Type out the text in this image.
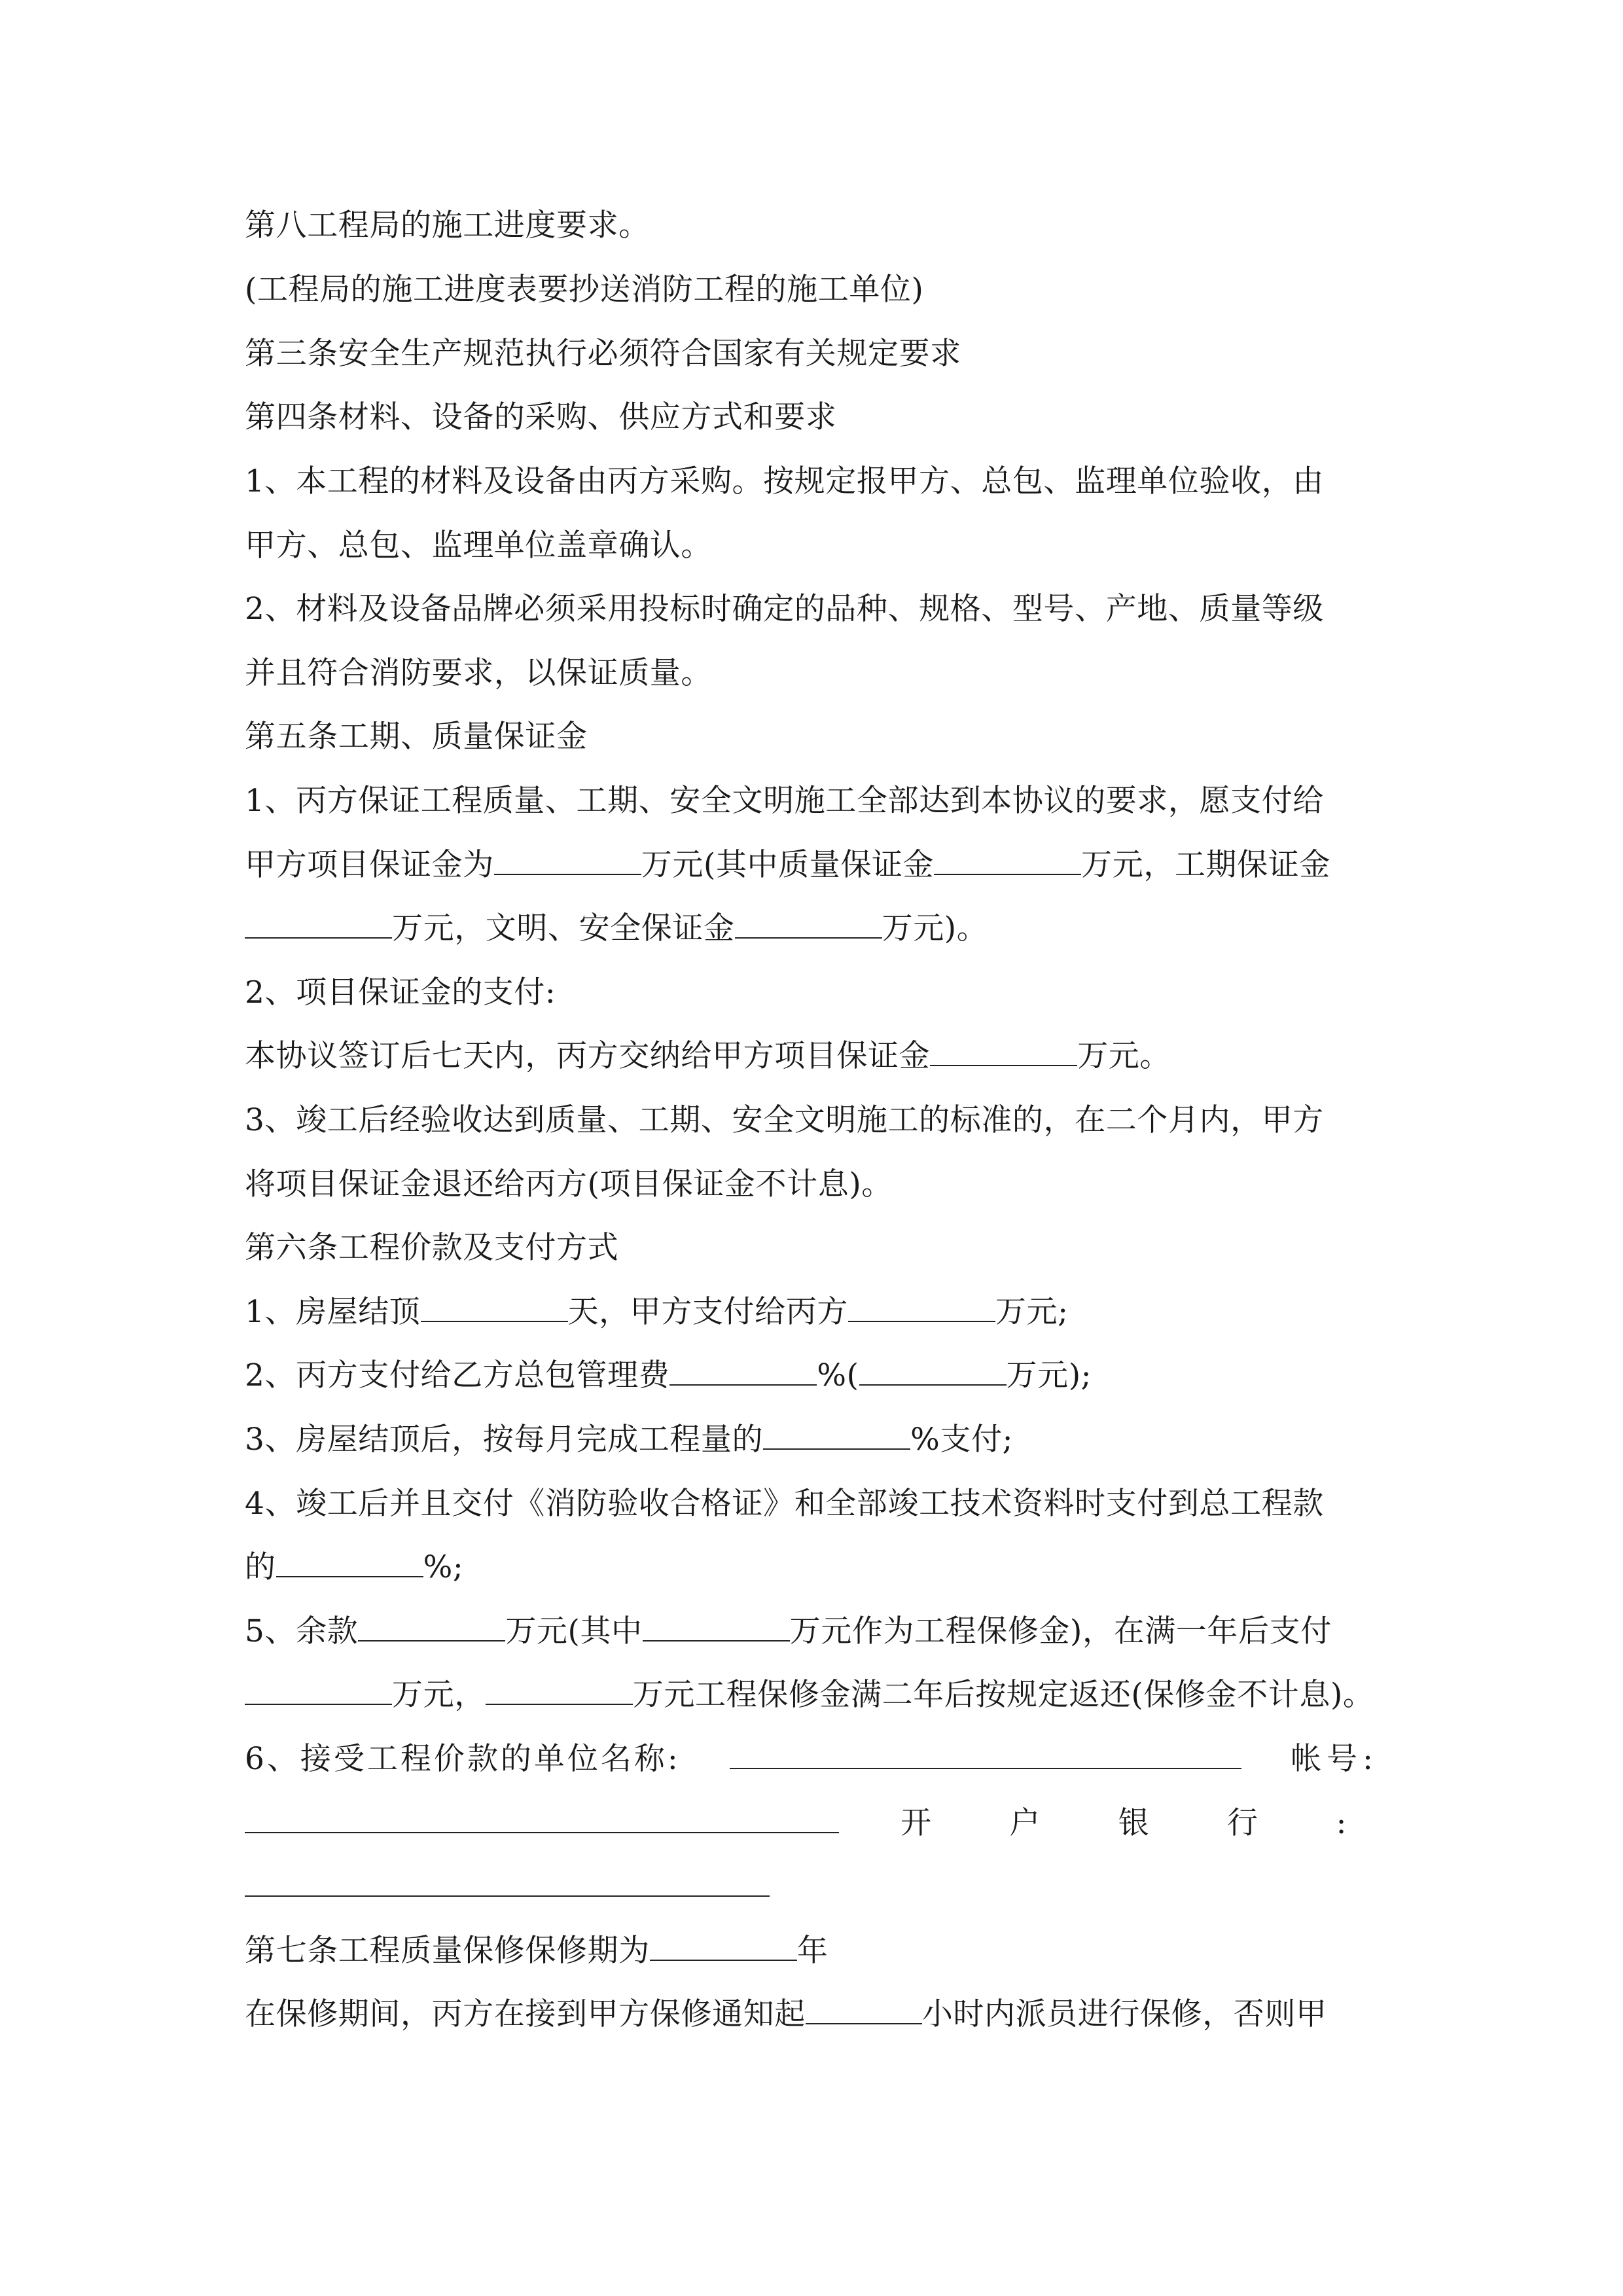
第八工程局的施工进度要求。
(工程局的施工进度表要抄送消防工程的施工单位)
第三条安全生产规范执行必须符合国家有关规定要求
第四条材料、设备的采购、供应方式和要求
1、本工程的材料及设备由丙方采购。按规定报甲方、总包、监理单位验收，由
甲方、总包、监理单位盖章确认。
2、材料及设备品牌必须采用投标时确定的品种、规格、型号、产地、质量等级
并且符合消防要求，以保证质量。
第五条工期、质量保证金
1、丙方保证工程质量、工期、安全文明施工全部达到本协议的要求，愿支付给
甲方项目保证金为	万元(其中质量保证金	万元，工期保证金
万元，文明、安全保证金	万元)。
2、项目保证金的支付:
本协议签订后七天内，丙方交纳给甲方项目保证金	万元。
3、竣工后经验收达到质量、工期、安全文明施工的标准的，在二个月内，甲方
将项目保证金退还给丙方(项目保证金不计息)。
第六条工程价款及支付方式
1、房屋结顶	天，甲方支付给丙方	万元;
2、丙方支付给乙方总包管理费	%(	万元);
3、房屋结顶后，按每月完成工程量的	%支付;
4、竣工后并且交付《消防验收合格证》和全部竣工技术资料时支付到总工程款
的	%;
5、余款	万元(其中	万元作为工程保修金)，在满一年后支付
万元，	万元工程保修金满二年后按规定返还(保修金不计息)。
6、接受工程价款的单位名称:	帐号:
开	户	银	行	:
第七条工程质量保修保修期为	年
在保修期间，丙方在接到甲方保修通知起	小时内派员进行保修，否则甲
